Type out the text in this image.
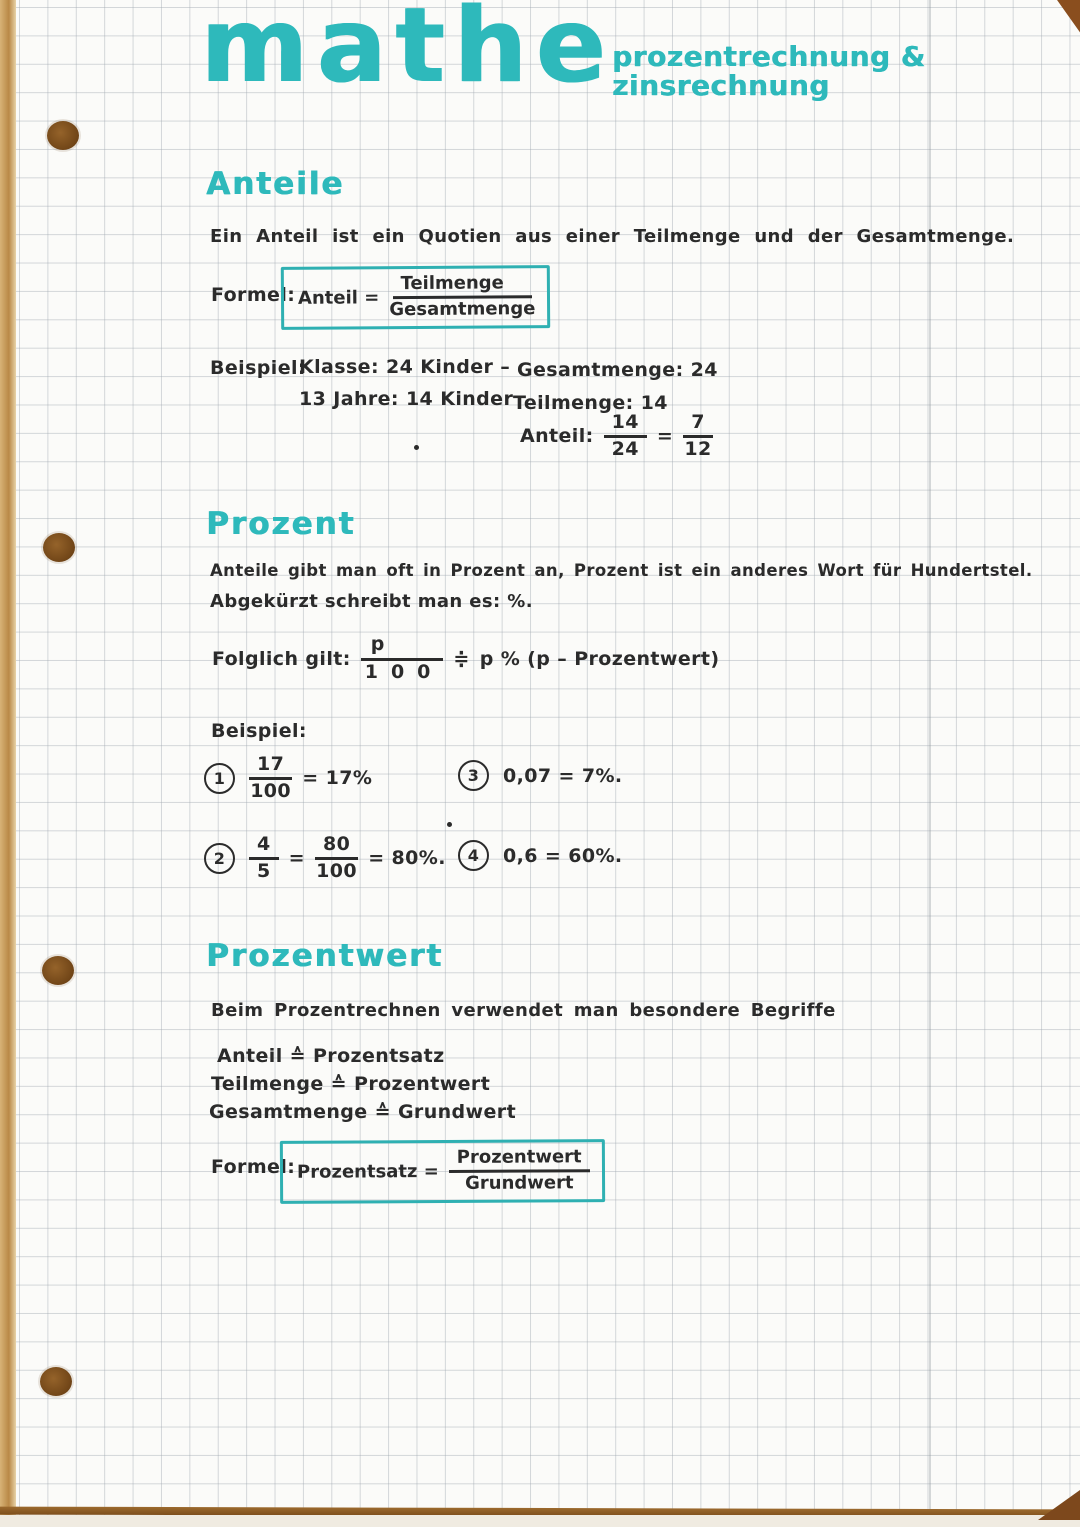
mathe
prozentrechnung &
zinsrechnung
Anteile
Ein Anteil ist ein Quotien aus einer Teilmenge und der Gesamtmenge.
Formel: Anteil = $\frac{\text{Teilmenge}}{\text{Gesamtmenge}}$
Beispiel:
Klasse: 24 Kinder –
13 Jahre: 14 Kinder
Gesamtmenge: 24
Teilmenge: 14
Anteil: $\frac{14}{24} = \frac{7}{12}$
Prozent
Anteile gibt man oft in Prozent an, Prozent ist ein anderes Wort für Hundertstel.
Abgekürzt schreibt man es: %.
Folglich gilt: $\frac{p}{100}$ ≑ p % (p – Prozentwert)
Beispiel:
1	$\frac{17}{100} = 17\%$	3	0,07 = 7%.
2	$\frac{4}{5} = \frac{80}{100} = 80\%$.	4	0,6 = 60%.
Prozentwert
Beim Prozentrechnen verwendet man besondere Begriffe
Anteil ≙ Prozentsatz
Teilmenge ≙ Prozentwert
Gesamtmenge ≙ Grundwert
Formel: Prozentsatz = $\frac{\text{Prozentwert}}{\text{Grundwert}}$
